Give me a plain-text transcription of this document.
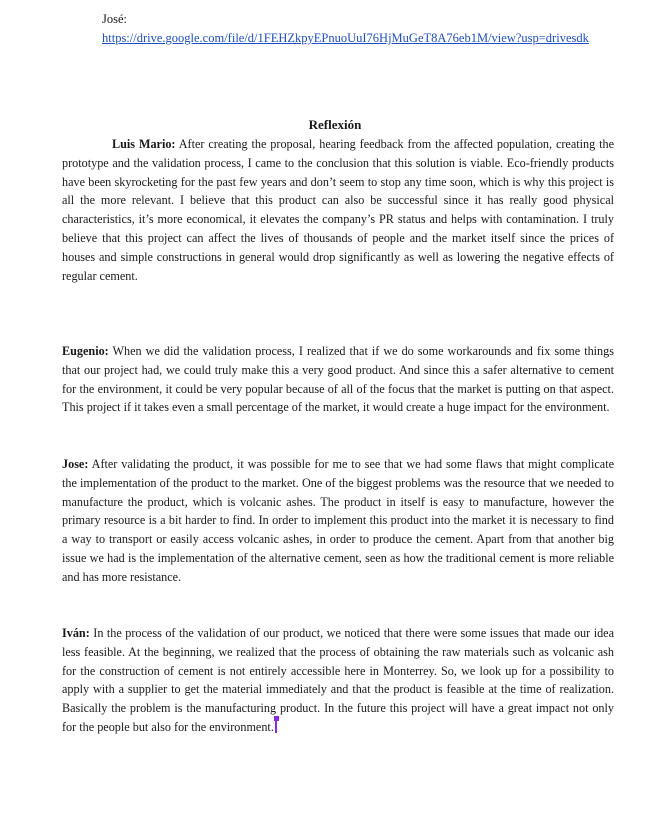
José:
https://drive.google.com/file/d/1FEHZkpyEPnuoUuI76HjMuGeT8A76eb1M/view?usp=drivesdk
Reflexión

Luis Mario: After creating the proposal, hearing feedback from the affected population, creating the prototype and the validation process, I came to the conclusion that this solution is viable. Eco-friendly products have been skyrocketing for the past few years and don’t seem to stop any time soon, which is why this project is all the more relevant. I believe that this product can also be successful since it has really good physical characteristics, it’s more economical, it elevates the company’s PR status and helps with contamination. I truly believe that this project can affect the lives of thousands of people and the market itself since the prices of houses and simple constructions in general would drop significantly as well as lowering the negative effects of regular cement.

Eugenio: When we did the validation process, I realized that if we do some workarounds and fix some things that our project had, we could truly make this a very good product. And since this a safer alternative to cement for the environment, it could be very popular because of all of the focus that the market is putting on that aspect. This project if it takes even a small percentage of the market, it would create a huge impact for the environment.

Jose: After validating the product, it was possible for me to see that we had some flaws that might complicate the implementation of the product to the market. One of the biggest problems was the resource that we needed to manufacture the product, which is volcanic ashes. The product in itself is easy to manufacture, however the primary resource is a bit harder to find. In order to implement this product into the market it is necessary to find a way to transport or easily access volcanic ashes, in order to produce the cement. Apart from that another big issue we had is the implementation of the alternative cement, seen as how the traditional cement is more reliable and has more resistance.

Iván: In the process of the validation of our product, we noticed that there were some issues that made our idea less feasible. At the beginning, we realized that the process of obtaining the raw materials such as volcanic ash for the construction of cement is not entirely accessible here in Monterrey. So, we look up for a possibility to apply with a supplier to get the material immediately and that the product is feasible at the time of realization. Basically the problem is the manufacturing product. In the future this project will have a great impact not only for the people but also for the environment.
